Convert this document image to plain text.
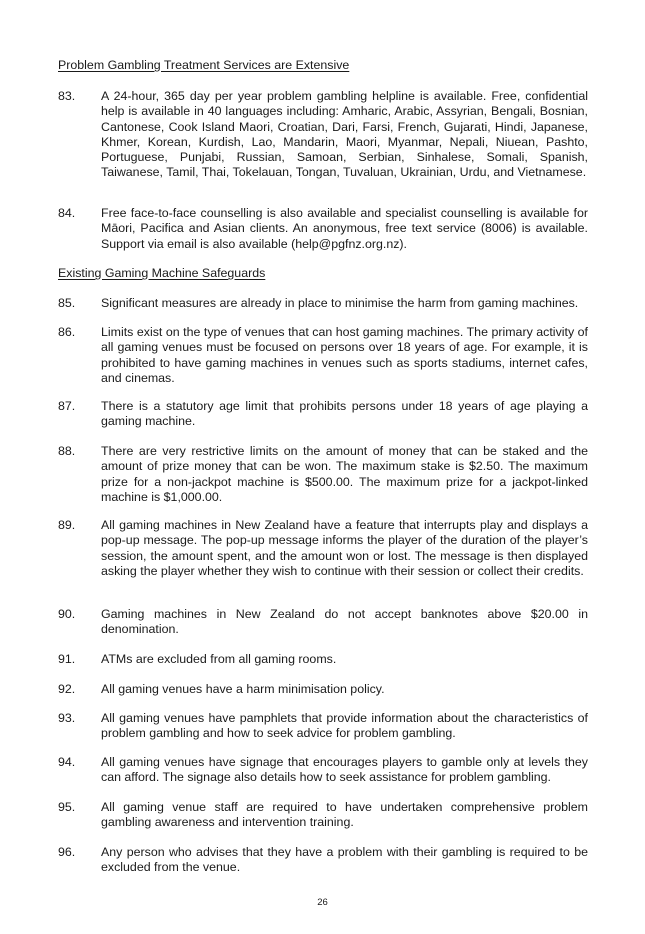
Problem Gambling Treatment Services are Extensive
83.	A 24-hour, 365 day per year problem gambling helpline is available. Free, confidential help is available in 40 languages including: Amharic, Arabic, Assyrian, Bengali, Bosnian, Cantonese, Cook Island Maori, Croatian, Dari, Farsi, French, Gujarati, Hindi, Japanese, Khmer, Korean, Kurdish, Lao, Mandarin, Maori, Myanmar, Nepali, Niuean, Pashto, Portuguese, Punjabi, Russian, Samoan, Serbian, Sinhalese, Somali, Spanish, Taiwanese, Tamil, Thai, Tokelauan, Tongan, Tuvaluan, Ukrainian, Urdu, and Vietnamese.
84.	Free face-to-face counselling is also available and specialist counselling is available for Māori, Pacifica and Asian clients. An anonymous, free text service (8006) is available. Support via email is also available (help@pgfnz.org.nz).
Existing Gaming Machine Safeguards
85.	Significant measures are already in place to minimise the harm from gaming machines.
86.	Limits exist on the type of venues that can host gaming machines. The primary activity of all gaming venues must be focused on persons over 18 years of age. For example, it is prohibited to have gaming machines in venues such as sports stadiums, internet cafes, and cinemas.
87.	There is a statutory age limit that prohibits persons under 18 years of age playing a gaming machine.
88.	There are very restrictive limits on the amount of money that can be staked and the amount of prize money that can be won. The maximum stake is $2.50. The maximum prize for a non-jackpot machine is $500.00. The maximum prize for a jackpot-linked machine is $1,000.00.
89.	All gaming machines in New Zealand have a feature that interrupts play and displays a pop-up message. The pop-up message informs the player of the duration of the player’s session, the amount spent, and the amount won or lost. The message is then displayed asking the player whether they wish to continue with their session or collect their credits.
90.	Gaming machines in New Zealand do not accept banknotes above $20.00 in denomination.
91.	ATMs are excluded from all gaming rooms.
92.	All gaming venues have a harm minimisation policy.
93.	All gaming venues have pamphlets that provide information about the characteristics of problem gambling and how to seek advice for problem gambling.
94.	All gaming venues have signage that encourages players to gamble only at levels they can afford. The signage also details how to seek assistance for problem gambling.
95.	All gaming venue staff are required to have undertaken comprehensive problem gambling awareness and intervention training.
96.	Any person who advises that they have a problem with their gambling is required to be excluded from the venue.
26
